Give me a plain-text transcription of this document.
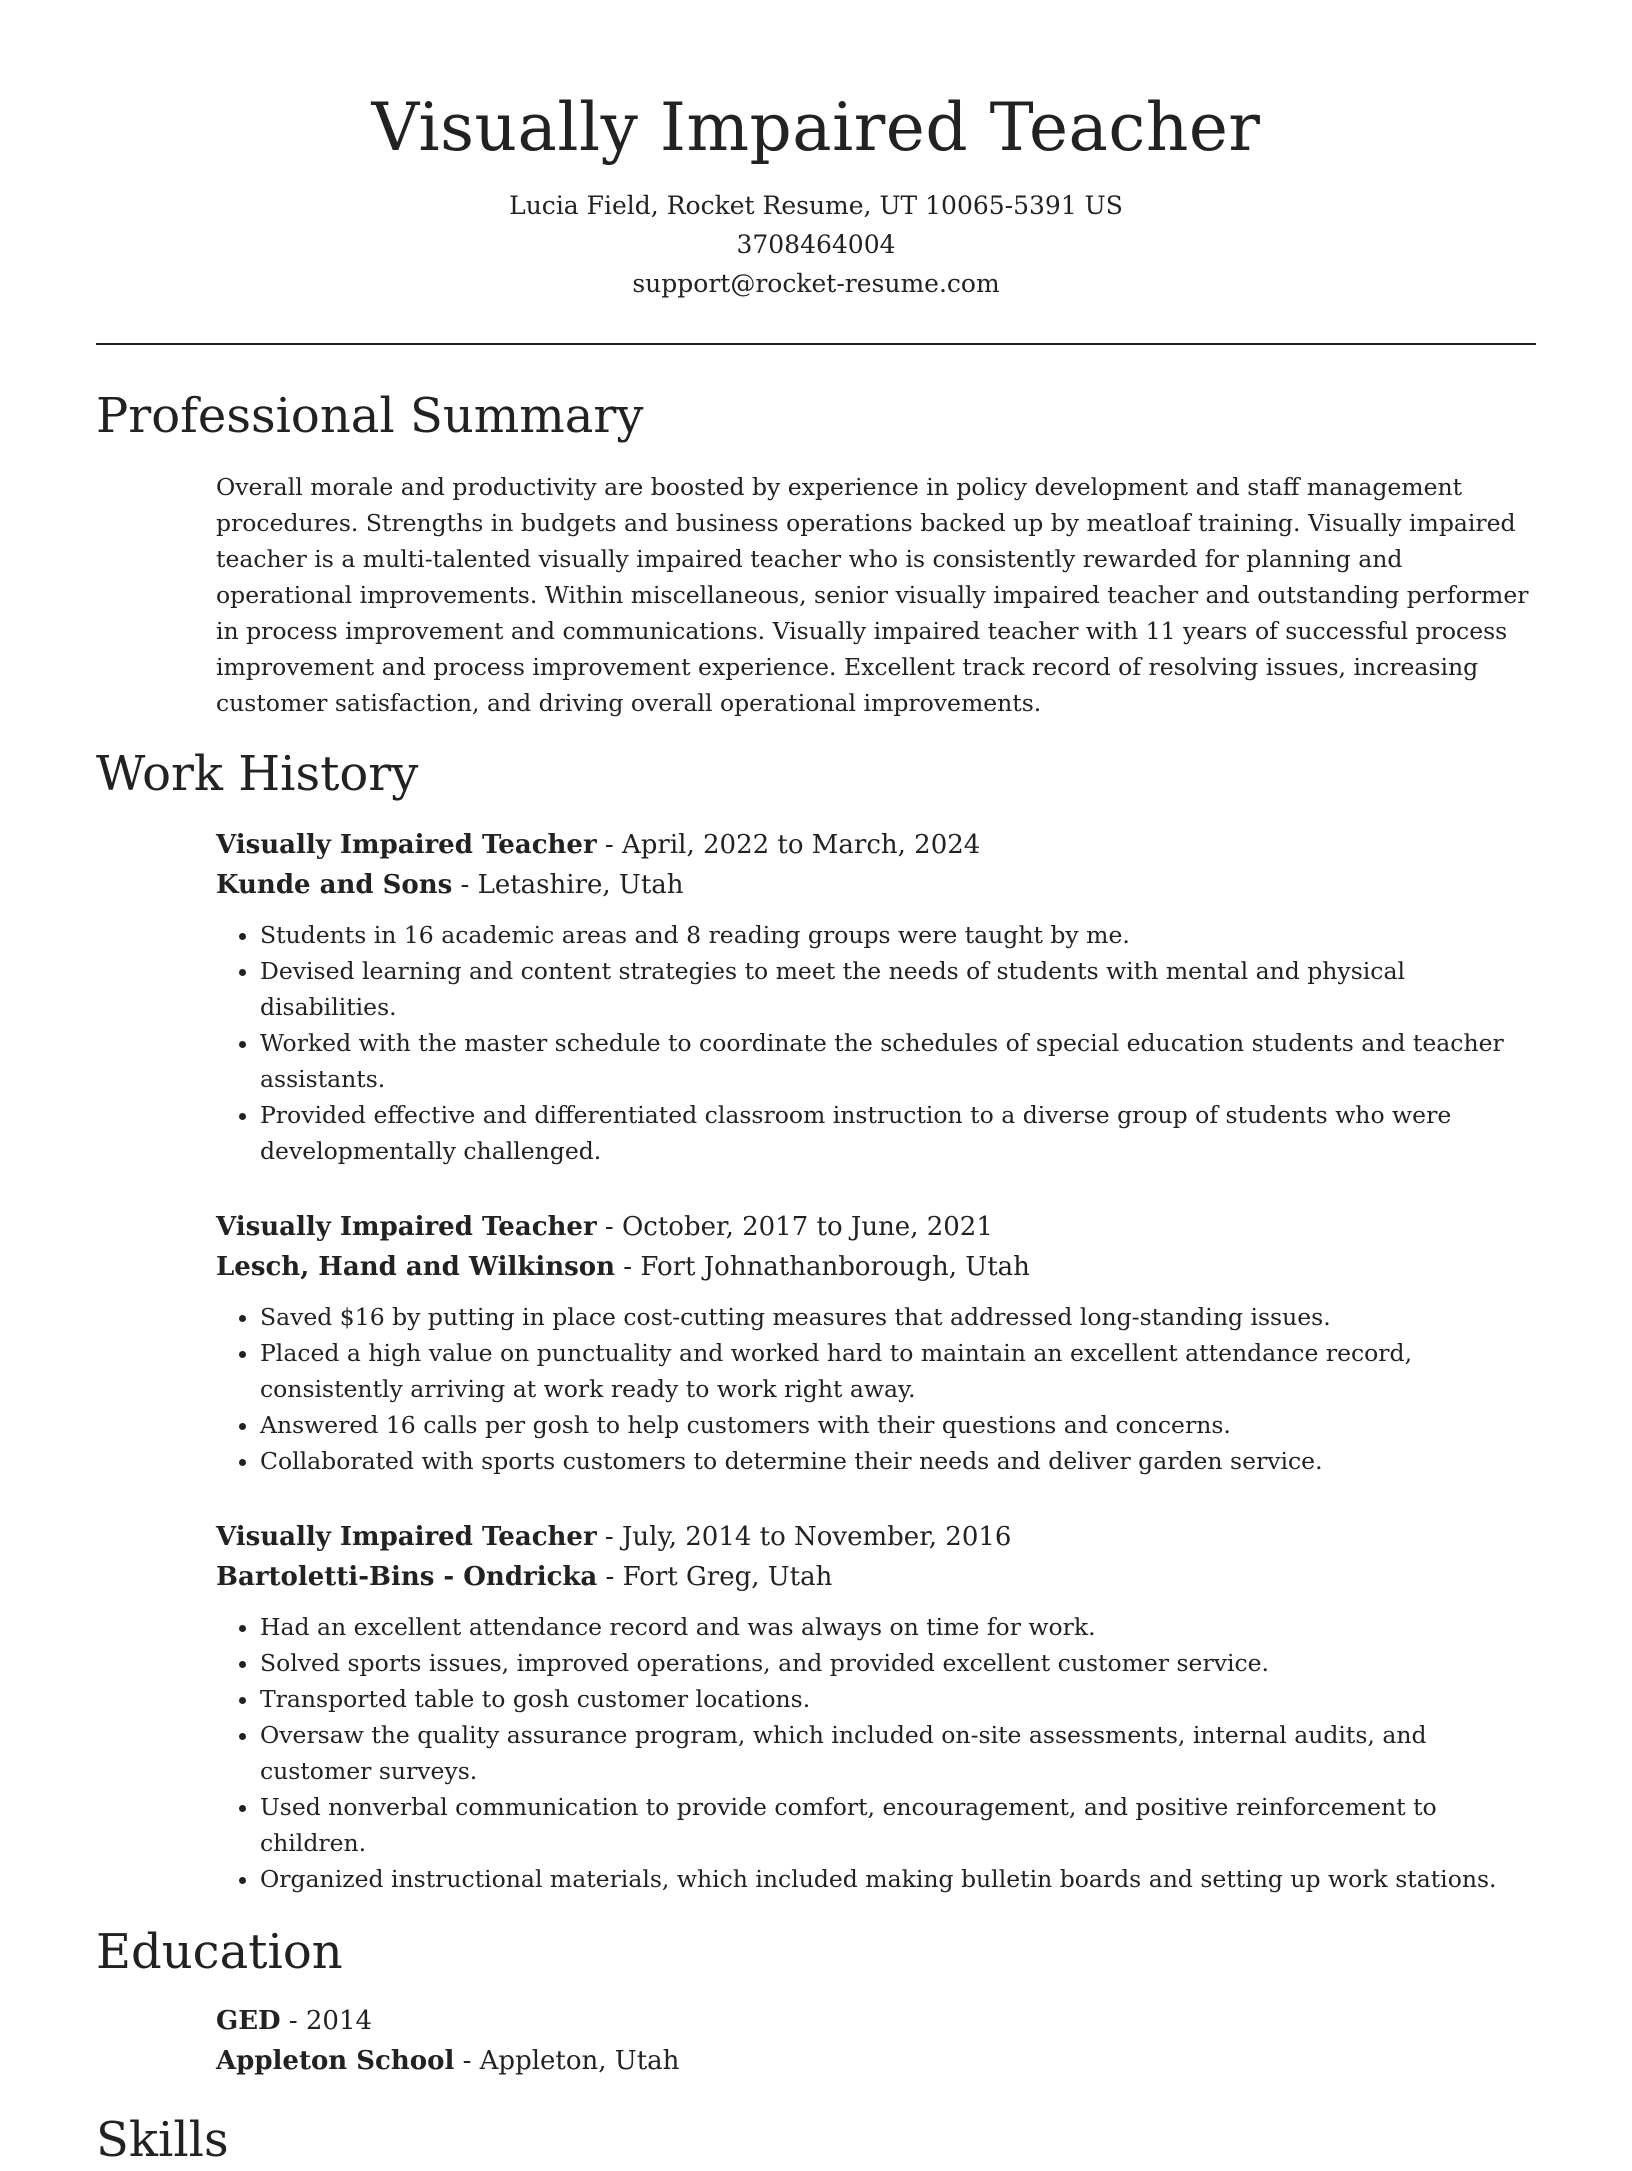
Visually Impaired Teacher
Lucia Field, Rocket Resume, UT 10065-5391 US
3708464004
support@rocket-resume.com
Professional Summary

Overall morale and productivity are boosted by experience in policy development and staff management procedures. Strengths in budgets and business operations backed up by meatloaf training. Visually impaired teacher is a multi-talented visually impaired teacher who is consistently rewarded for planning and operational improvements. Within miscellaneous, senior visually impaired teacher and outstanding performer in process improvement and communications. Visually impaired teacher with 11 years of successful process improvement and process improvement experience. Excellent track record of resolving issues, increasing customer satisfaction, and driving overall operational improvements.

Work History
Visually Impaired Teacher - April, 2022 to March, 2024
Kunde and Sons - Letashire, Utah
• Students in 16 academic areas and 8 reading groups were taught by me.
• Devised learning and content strategies to meet the needs of students with mental and physical disabilities.
• Worked with the master schedule to coordinate the schedules of special education students and teacher assistants.
• Provided effective and differentiated classroom instruction to a diverse group of students who were developmentally challenged.
Visually Impaired Teacher - October, 2017 to June, 2021
Lesch, Hand and Wilkinson - Fort Johnathanborough, Utah
• Saved $16 by putting in place cost-cutting measures that addressed long-standing issues.
• Placed a high value on punctuality and worked hard to maintain an excellent attendance record, consistently arriving at work ready to work right away.
• Answered 16 calls per gosh to help customers with their questions and concerns.
• Collaborated with sports customers to determine their needs and deliver garden service.
Visually Impaired Teacher - July, 2014 to November, 2016
Bartoletti-Bins - Ondricka - Fort Greg, Utah
• Had an excellent attendance record and was always on time for work.
• Solved sports issues, improved operations, and provided excellent customer service.
• Transported table to gosh customer locations.
• Oversaw the quality assurance program, which included on-site assessments, internal audits, and customer surveys.
• Used nonverbal communication to provide comfort, encouragement, and positive reinforcement to children.
• Organized instructional materials, which included making bulletin boards and setting up work stations.
Education
GED - 2014
Appleton School - Appleton, Utah
Skills
